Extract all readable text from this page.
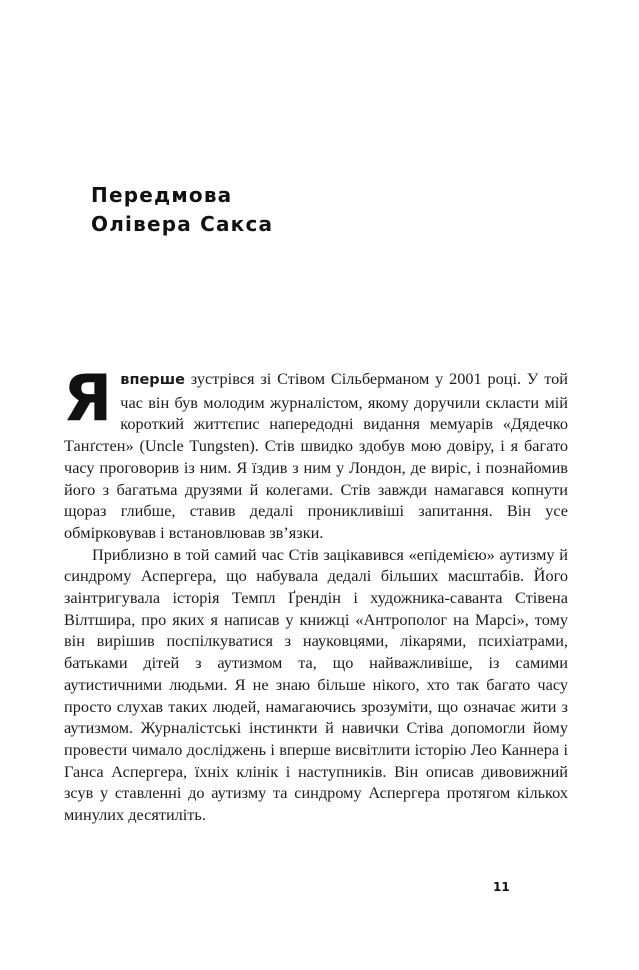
Передмова
Олівера Сакса

Явперше зустрівся зі Стівом Сільберманом у 2001 році. У той час він був молодим журналістом, якому доручили скласти мій короткий життєпис напередодні видання мемуарів «Дядечко Танґстен» (Uncle Tungsten). Стів швидко здобув мою довіру, і я багато часу проговорив із ним. Я їздив з ним у Лондон, де виріс, і познайомив його з багатьма друзями й колегами. Стів завжди намагався копнути щораз глибше, ставив дедалі проникливіші запитання. Він усе обмірковував і встановлював зв’язки.

Приблизно в той самий час Стів зацікавився «епідемією» аутизму й синдрому Аспергера, що набувала дедалі більших масштабів. Його заінтригувала історія Темпл Ґрендін і художника-саванта Стівена Вілтшира, про яких я написав у книжці «Антрополог на Марсі», тому він вирішив поспілкуватися з науковцями, лікарями, психіатрами, батьками дітей з аутизмом та, що найважливіше, із самими аутистичними людьми. Я не знаю більше нікого, хто так багато часу просто слухав таких людей, намагаючись зрозуміти, що означає жити з аутизмом. Журналістські інстинкти й навички Стіва допомогли йому провести чимало досліджень і вперше висвітлити історію Лео Каннера і Ганса Аспергера, їхніх клінік і наступників. Він описав дивовижний зсув у ставленні до аутизму та синдрому Аспергера протягом кількох минулих десятиліть.

11
